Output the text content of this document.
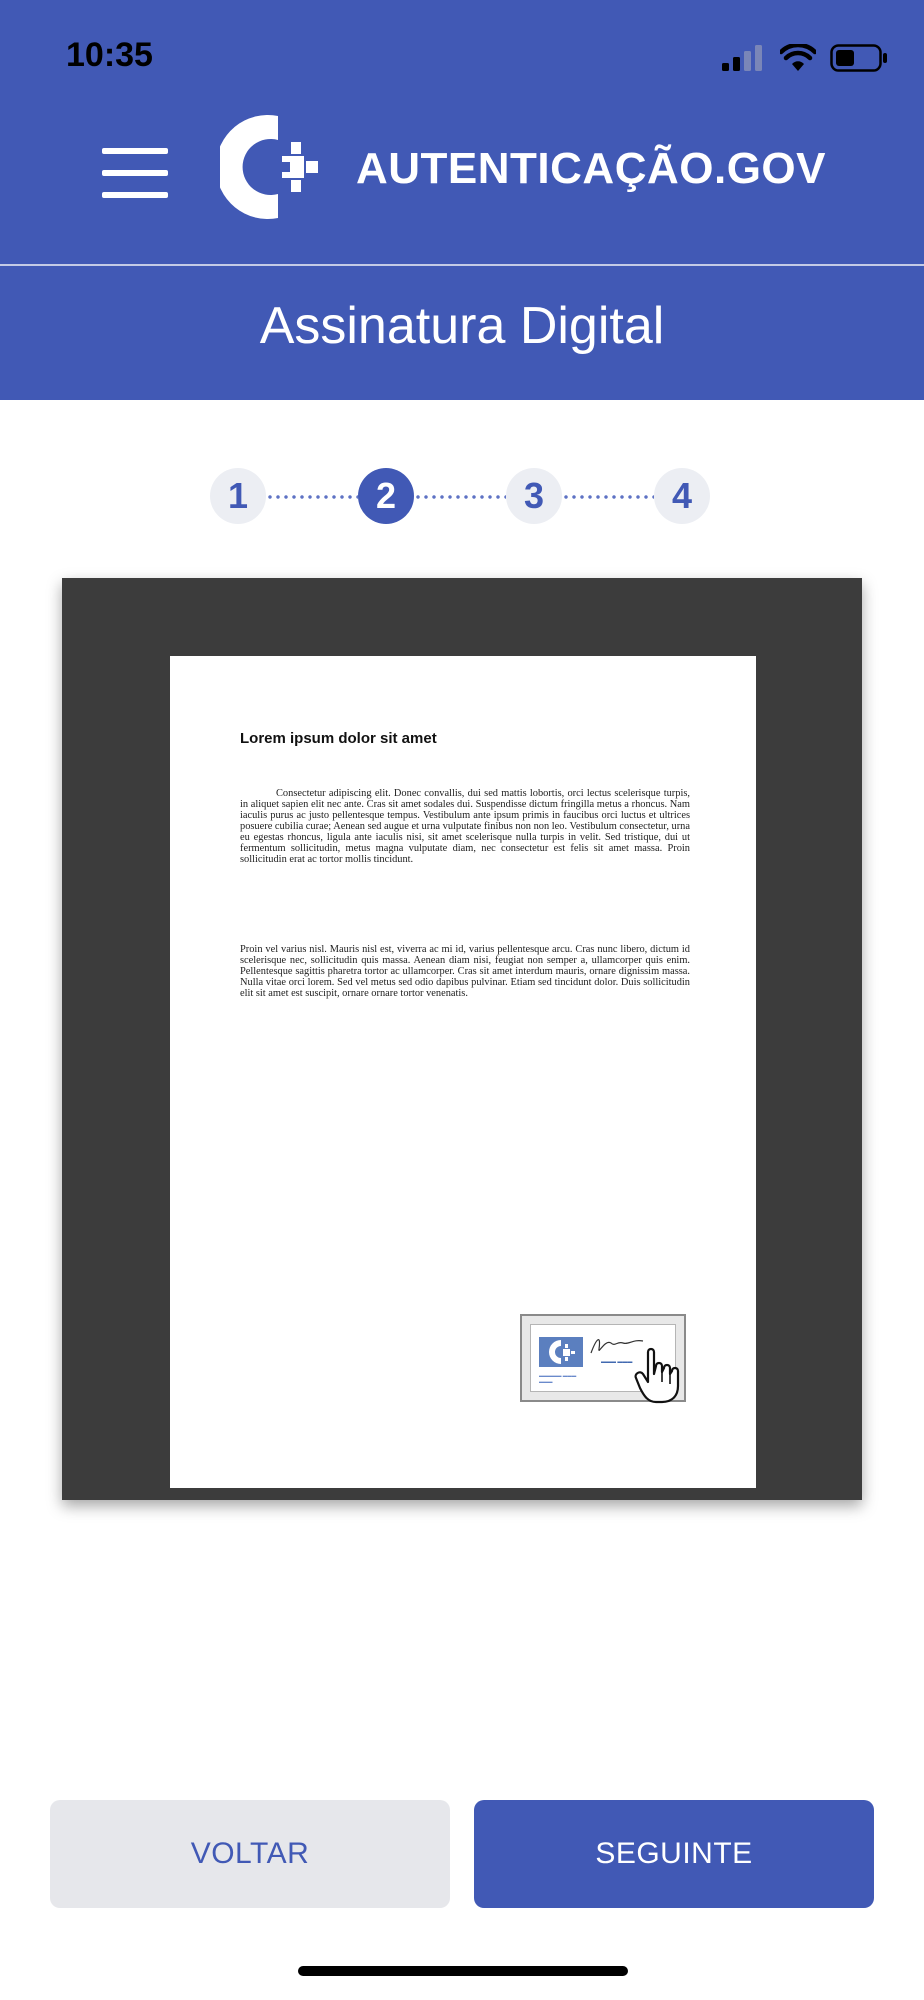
10:35
AUTENTICAÇÃO.GOV
Assinatura Digital
1	2	3	4
Lorem ipsum dolor sit amet

Consectetur adipiscing elit. Donec convallis, dui sed mattis lobortis, orci lectus scelerisque turpis, in aliquet sapien elit nec ante. Cras sit amet sodales dui. Suspendisse dictum fringilla metus a rhoncus. Nam iaculis purus ac justo pellentesque tempus. Vestibulum ante ipsum primis in faucibus orci luctus et ultrices posuere cubilia curae; Aenean sed augue et urna vulputate finibus non non leo. Vestibulum consectetur, urna eu egestas rhoncus, ligula ante iaculis nisi, sit amet scelerisque nulla turpis in velit. Sed tristique, dui ut fermentum sollicitudin, metus magna vulputate diam, nec consectetur est felis sit amet massa. Proin sollicitudin erat ac tortor mollis tincidunt.

Proin vel varius nisl. Mauris nisl est, viverra ac mi id, varius pellentesque arcu. Cras nunc libero, dictum id scelerisque nec, sollicitudin quis massa. Aenean diam nisi, feugiat non semper a, ullamcorper quis enim. Pellentesque sagittis pharetra tortor ac ullamcorper. Cras sit amet interdum mauris, ornare dignissim massa. Nulla vitae orci lorem. Sed vel metus sed odio dapibus pulvinar. Etiam sed tincidunt dolor. Duis sollicitudin elit sit amet est suscipit, ornare ornare tortor venenatis.

▬▬▬ ▬▬▬
▬▬▬▬▬ ▬▬▬
▬▬▬
VOLTAR	SEGUINTE
